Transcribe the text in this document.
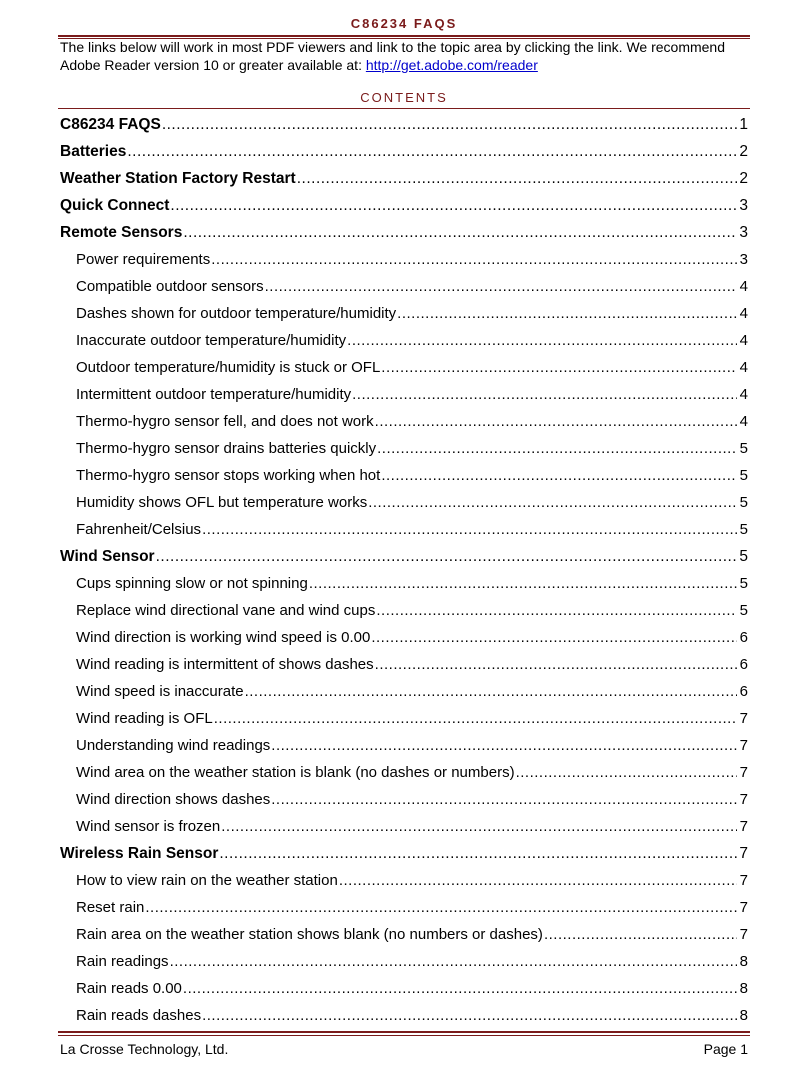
C86234 FAQS
The links below will work in most PDF viewers and link to the topic area by clicking the link. We recommend Adobe Reader version 10 or greater available at: http://get.adobe.com/reader
CONTENTS
C86234 FAQS .....	1
Batteries .....	2
Weather Station Factory Restart .....	2
Quick Connect .....	3
Remote Sensors .....	3
Power requirements .....	3
Compatible outdoor sensors .....	4
Dashes shown for outdoor temperature/humidity .....	4
Inaccurate outdoor temperature/humidity .....	4
Outdoor temperature/humidity is stuck or OFL .....	4
Intermittent outdoor temperature/humidity .....	4
Thermo-hygro sensor fell, and does not work .....	4
Thermo-hygro sensor drains batteries quickly .....	5
Thermo-hygro sensor stops working when hot .....	5
Humidity shows OFL but temperature works .....	5
Fahrenheit/Celsius .....	5
Wind Sensor .....	5
Cups spinning slow or not spinning .....	5
Replace wind directional vane and wind cups .....	5
Wind direction is working wind speed is 0.00 .....	6
Wind reading is intermittent of shows dashes .....	6
Wind speed is inaccurate .....	6
Wind reading is OFL .....	7
Understanding wind readings .....	7
Wind area on the weather station is blank (no dashes or numbers) .....	7
Wind direction shows dashes .....	7
Wind sensor is frozen .....	7
Wireless Rain Sensor .....	7
How to view rain on the weather station .....	7
Reset rain .....	7
Rain area on the weather station shows blank (no numbers or dashes) .....	7
Rain readings .....	8
Rain reads 0.00 .....	8
Rain reads dashes .....	8
La Crosse Technology, Ltd.	Page 1
